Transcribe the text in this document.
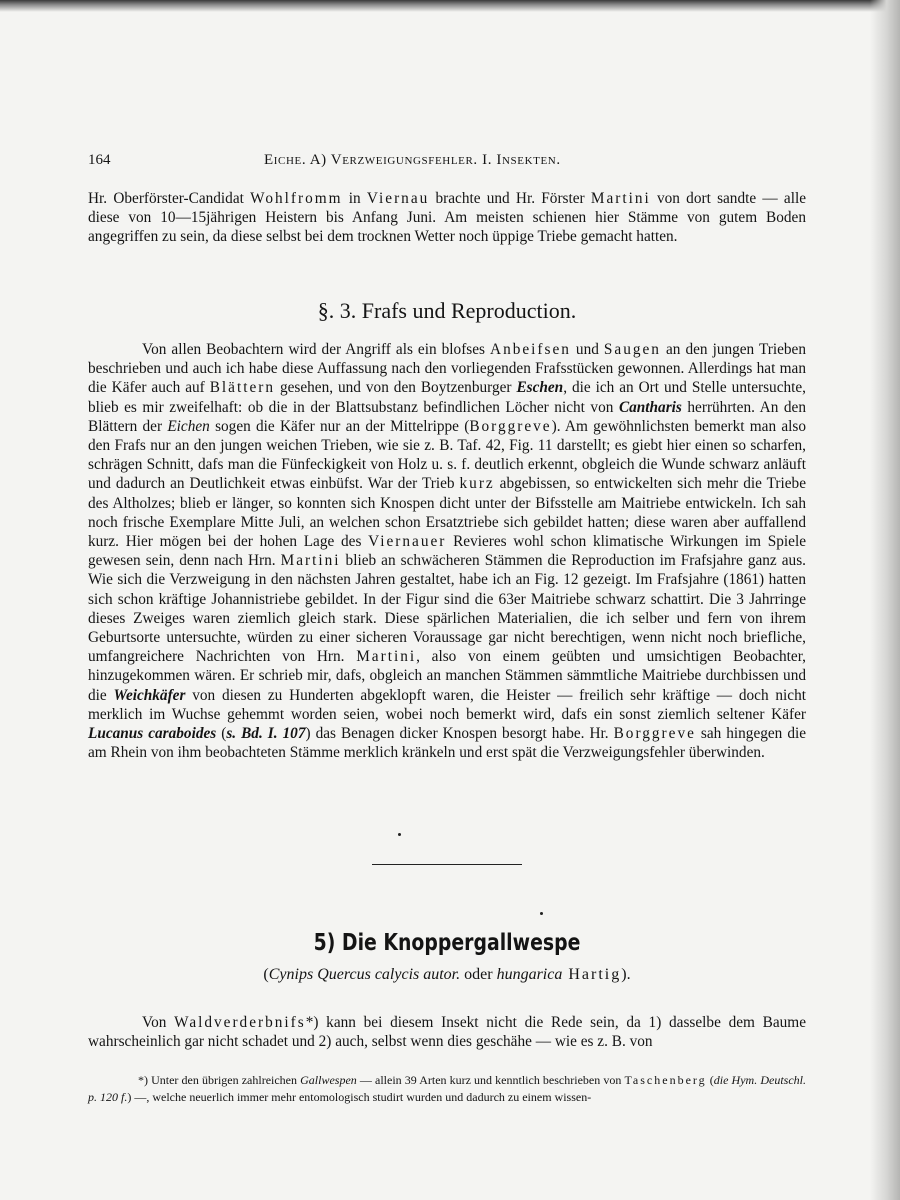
164	Eiche. A) Verzweigungsfehler. I. Insekten.

Hr. Oberförster-Candidat Wohlfromm in Viernau brachte und Hr. Förster Martini von dort sandte — alle diese von 10—15jährigen Heistern bis Anfang Juni. Am meisten schienen hier Stämme von gutem Boden angegriffen zu sein, da diese selbst bei dem trocknen Wetter noch üppige Triebe gemacht hatten.

§. 3. Frafs und Reproduction.

Von allen Beobachtern wird der Angriff als ein blofses Anbeifsen und Saugen an den jungen Trieben beschrieben und auch ich habe diese Auffassung nach den vorliegenden Frafsstücken gewonnen. Allerdings hat man die Käfer auch auf Blättern gesehen, und von den Boytzenburger Eschen, die ich an Ort und Stelle untersuchte, blieb es mir zweifelhaft: ob die in der Blattsubstanz befindlichen Löcher nicht von Cantharis herrührten. An den Blättern der Eichen sogen die Käfer nur an der Mittelrippe (Borggreve). Am gewöhnlichsten bemerkt man also den Frafs nur an den jungen weichen Trieben, wie sie z. B. Taf. 42, Fig. 11 darstellt; es giebt hier einen so scharfen, schrägen Schnitt, dafs man die Fünfeckigkeit von Holz u. s. f. deutlich erkennt, obgleich die Wunde schwarz anläuft und dadurch an Deutlichkeit etwas einbüfst. War der Trieb kurz abgebissen, so entwickelten sich mehr die Triebe des Altholzes; blieb er länger, so konnten sich Knospen dicht unter der Bifsstelle am Maitriebe entwickeln. Ich sah noch frische Exemplare Mitte Juli, an welchen schon Ersatztriebe sich gebildet hatten; diese waren aber auffallend kurz. Hier mögen bei der hohen Lage des Viernauer Revieres wohl schon klimatische Wirkungen im Spiele gewesen sein, denn nach Hrn. Martini blieb an schwächeren Stämmen die Reproduction im Frafsjahre ganz aus. Wie sich die Verzweigung in den nächsten Jahren gestaltet, habe ich an Fig. 12 gezeigt. Im Frafsjahre (1861) hatten sich schon kräftige Johannistriebe gebildet. In der Figur sind die 63er Maitriebe schwarz schattirt. Die 3 Jahrringe dieses Zweiges waren ziemlich gleich stark. Diese spärlichen Materialien, die ich selber und fern von ihrem Geburtsorte untersuchte, würden zu einer sicheren Voraussage gar nicht berechtigen, wenn nicht noch briefliche, umfangreichere Nachrichten von Hrn. Martini, also von einem geübten und umsichtigen Beobachter, hinzugekommen wären. Er schrieb mir, dafs, obgleich an manchen Stämmen sämmtliche Maitriebe durchbissen und die Weichkäfer von diesen zu Hunderten abgeklopft waren, die Heister — freilich sehr kräftige — doch nicht merklich im Wuchse gehemmt worden seien, wobei noch bemerkt wird, dafs ein sonst ziemlich seltener Käfer Lucanus caraboides (s. Bd. I. 107) das Benagen dicker Knospen besorgt habe. Hr. Borggreve sah hingegen die am Rhein von ihm beobachteten Stämme merklich kränkeln und erst spät die Verzweigungsfehler überwinden.

5) Die Knoppergallwespe
(Cynips Quercus calycis autor. oder hungarica Hartig).

Von Waldverderbnifs*) kann bei diesem Insekt nicht die Rede sein, da 1) dasselbe dem Baume wahrscheinlich gar nicht schadet und 2) auch, selbst wenn dies geschähe — wie es z. B. von

*) Unter den übrigen zahlreichen Gallwespen — allein 39 Arten kurz und kenntlich beschrieben von Taschenberg (die Hym. Deutschl. p. 120 f.) —, welche neuerlich immer mehr entomologisch studirt wurden und dadurch zu einem wissen-
